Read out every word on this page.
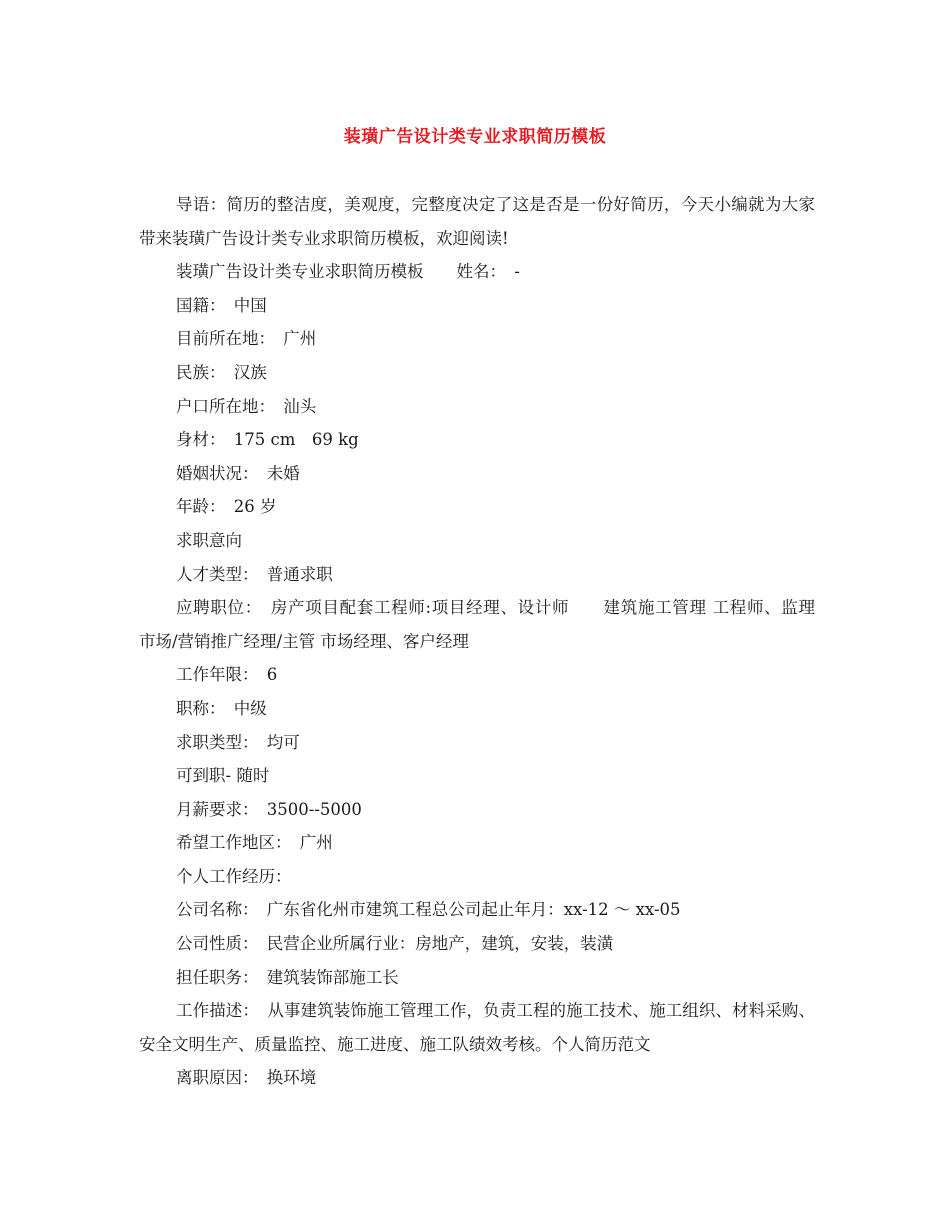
装璜广告设计类专业求职简历模板

导语：简历的整洁度，美观度，完整度决定了这是否是一份好简历，今天小编就为大家带来装璜广告设计类专业求职简历模板，欢迎阅读!

装璜广告设计类专业求职简历模板　　姓名：　-

国籍：　中国

目前所在地：　广州

民族：　汉族

户口所在地：　汕头

身材：　175 cm　69 kg

婚姻状况：　未婚

年龄：　26 岁

求职意向

人才类型：　普通求职

应聘职位：　房产项目配套工程师:项目经理、设计师　　建筑施工管理 工程师、监理　　市场/营销推广经理/主管 市场经理、客户经理

工作年限：　6

职称：　中级

求职类型：　均可

可到职- 随时

月薪要求：　3500--5000

希望工作地区：　广州

个人工作经历：

公司名称：　广东省化州市建筑工程总公司起止年月：xx-12 ～ xx-05

公司性质：　民营企业所属行业：房地产，建筑，安装，装潢

担任职务：　建筑装饰部施工长

工作描述：　从事建筑装饰施工管理工作，负责工程的施工技术、施工组织、材料采购、安全文明生产、质量监控、施工进度、施工队绩效考核。个人简历范文

离职原因：　换环境
